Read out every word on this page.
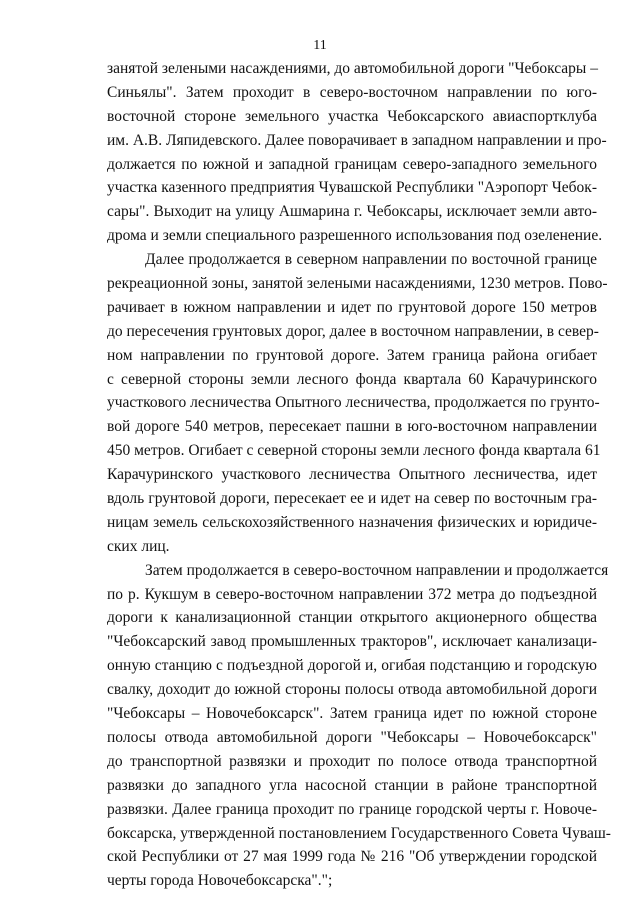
11
занятой зелеными насаждениями, до автомобильной дороги "Чебоксары –
Синьялы". Затем проходит в северо-восточном направлении по юго-
восточной стороне земельного участка Чебоксарского авиаспортклуба
им. А.В. Ляпидевского. Далее поворачивает в западном направлении и про-
должается по южной и западной границам северо-западного земельного
участка казенного предприятия Чувашской Республики "Аэропорт Чебок-
сары". Выходит на улицу Ашмарина г. Чебоксары, исключает земли авто-
дрома и земли специального разрешенного использования под озеленение.
Далее продолжается в северном направлении по восточной границе
рекреационной зоны, занятой зелеными насаждениями, 1230 метров. Пово-
рачивает в южном направлении и идет по грунтовой дороге 150 метров
до пересечения грунтовых дорог, далее в восточном направлении, в север-
ном направлении по грунтовой дороге. Затем граница района огибает
с северной стороны земли лесного фонда квартала 60 Карачуринского
участкового лесничества Опытного лесничества, продолжается по грунто-
вой дороге 540 метров, пересекает пашни в юго-восточном направлении
450 метров. Огибает с северной стороны земли лесного фонда квартала 61
Карачуринского участкового лесничества Опытного лесничества, идет
вдоль грунтовой дороги, пересекает ее и идет на север по восточным гра-
ницам земель сельскохозяйственного назначения физических и юридиче-
ских лиц.
Затем продолжается в северо-восточном направлении и продолжается
по р. Кукшум в северо-восточном направлении 372 метра до подъездной
дороги к канализационной станции открытого акционерного общества
"Чебоксарский завод промышленных тракторов", исключает канализаци-
онную станцию с подъездной дорогой и, огибая подстанцию и городскую
свалку, доходит до южной стороны полосы отвода автомобильной дороги
"Чебоксары – Новочебоксарск". Затем граница идет по южной стороне
полосы отвода автомобильной дороги "Чебоксары – Новочебоксарск"
до транспортной развязки и проходит по полосе отвода транспортной
развязки до западного угла насосной станции в районе транспортной
развязки. Далее граница проходит по границе городской черты г. Новоче-
боксарска, утвержденной постановлением Государственного Совета Чуваш-
ской Республики от 27 мая 1999 года № 216 "Об утверждении городской
черты города Новочебоксарска".";
